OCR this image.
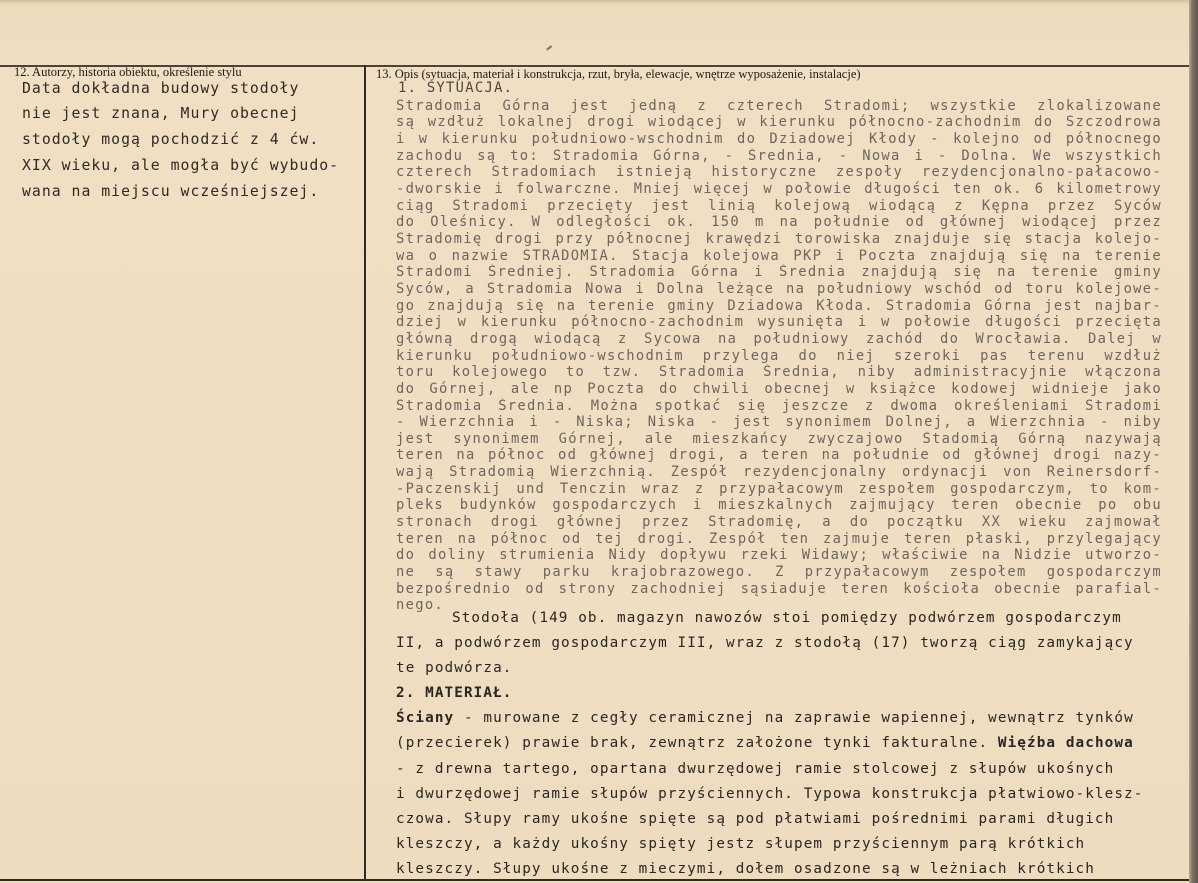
12. Autorzy, historia obiektu, określenie stylu
Data dokładna budowy stodoły
nie jest znana, Mury obecnej
stodoły mogą pochodzić z 4 ćw.
XIX wieku, ale mogła być wybudo-
wana na miejscu wcześniejszej.
13. Opis (sytuacja, materiał i konstrukcja, rzut, bryła, elewacje, wnętrze wyposażenie, instalacje)
1. SYTUACJA.
Stradomia Górna jest jedną z czterech Stradomi; wszystkie zlokalizowane
są wzdłuż lokalnej drogi wiodącej w kierunku północno-zachodnim do Szczodrowa
i w kierunku południowo-wschodnim do Dziadowej Kłody - kolejno od północnego
zachodu są to: Stradomia Górna, - Średnia, - Nowa i - Dolna. We wszystkich
czterech Stradomiach istnieją historyczne zespoły rezydencjonalno-pałacowo-
-dworskie i folwarczne. Mniej więcej w połowie długości ten ok. 6 kilometrowy
ciąg Stradomi przecięty jest linią kolejową wiodącą z Kępna przez Syców
do Oleśnicy. W odległości ok. 150 m na południe od głównej wiodącej przez
Stradomię drogi przy północnej krawędzi torowiska znajduje się stacja kolejo-
wa o nazwie STRADOMIA. Stacja kolejowa PKP i Poczta znajdują się na terenie
Stradomi Średniej. Stradomia Górna i Średnia znajdują się na terenie gminy
Syców, a Stradomia Nowa i Dolna leżące na południowy wschód od toru kolejowe-
go znajdują się na terenie gminy Dziadowa Kłoda. Stradomia Górna jest najbar-
dziej w kierunku północno-zachodnim wysunięta i w połowie długości przecięta
główną drogą wiodącą z Sycowa na południowy zachód do Wrocławia. Dalej w
kierunku południowo-wschodnim przylega do niej szeroki pas terenu wzdłuż
toru kolejowego to tzw. Stradomia Średnia, niby administracyjnie włączona
do Górnej, ale np Poczta do chwili obecnej w książce kodowej widnieje jako
Stradomia Średnia. Można spotkać się jeszcze z dwoma określeniami Stradomi
- Wierzchnia i - Niska; Niska - jest synonimem Dolnej, a Wierzchnia - niby
jest synonimem Górnej, ale mieszkańcy zwyczajowo Stadomią Górną nazywają
teren na północ od głównej drogi, a teren na południe od głównej drogi nazy-
wają Stradomią Wierzchnią. Zespół rezydencjonalny ordynacji von Reinersdorf-
-Paczenskij und Tenczin wraz z przypałacowym zespołem gospodarczym, to kom-
pleks budynków gospodarczych i mieszkalnych zajmujący teren obecnie po obu
stronach drogi głównej przez Stradomię, a do początku XX wieku zajmował
teren na północ od tej drogi. Zespół ten zajmuje teren płaski, przylegający
do doliny strumienia Nidy dopływu rzeki Widawy; właściwie na Nidzie utworzo-
ne są stawy parku krajobrazowego. Z przypałacowym zespołem gospodarczym
bezpośrednio od strony zachodniej sąsiaduje teren kościoła obecnie parafial-
nego.
Stodoła (149 ob. magazyn nawozów stoi pomiędzy podwórzem gospodarczym
II, a podwórzem gospodarczym III, wraz z stodołą (17) tworzą ciąg zamykający
te podwórza.
2. MATERIAŁ.
Ściany - murowane z cegły ceramicznej na zaprawie wapiennej, wewnątrz tynków
(przecierek) prawie brak, zewnątrz założone tynki fakturalne. Więźba dachowa
- z drewna tartego, opartana dwurzędowej ramie stolcowej z słupów ukośnych
i dwurzędowej ramie słupów przyściennych. Typowa konstrukcja płatwiowo-klesz-
czowa. Słupy ramy ukośne spięte są pod płatwiami pośrednimi parami długich
kleszczy, a każdy ukośny spięty jestz słupem przyściennym parą krótkich
kleszczy. Słupy ukośne z mieczymi, dołem osadzone są w leżniach krótkich
